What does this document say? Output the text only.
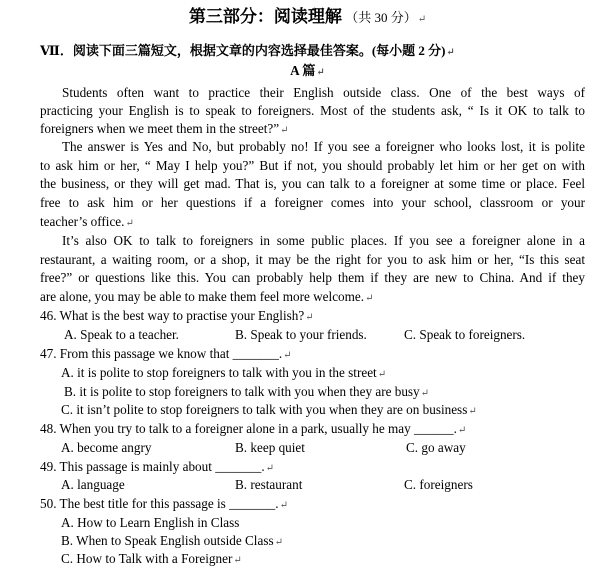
第三部分：阅读理解 （共 30 分）↵
Ⅶ．阅读下面三篇短文，根据文章的内容选择最佳答案。(每小题 2 分)↵
A 篇↵
Students often want to practice their English outside class. One of the best ways of
practicing your English is to speak to foreigners. Most of the students ask, “ Is it OK to talk to
foreigners when we meet them in the street?”↵
The answer is Yes and No, but probably no! If you see a foreigner who looks lost, it is polite
to ask him or her, “ May I help you?” But if not, you should probably let him or her get on with
the business, or they will get mad. That is, you can talk to a foreigner at some time or place. Feel
free to ask him or her questions if a foreigner comes into your school, classroom or your
teacher’s office.↵
It’s also OK to talk to foreigners in some public places. If you see a foreigner alone in a
restaurant, a waiting room, or a shop, it may be the right for you to ask him or her, “Is this seat
free?” or questions like this. You can probably help them if they are new to China. And if they
are alone, you may be able to make them feel more welcome.↵
46. What is the best way to practise your English?↵
A. Speak to a teacher.	B. Speak to your friends.	C. Speak to foreigners.
47. From this passage we know that _______.↵
A. it is polite to stop foreigners to talk with you in the street↵
B. it is polite to stop foreigners to talk with you when they are busy↵
C. it isn’t polite to stop foreigners to talk with you when they are on business↵
48. When you try to talk to a foreigner alone in a park, usually he may ______.↵
A. become angry	B. keep quiet	C. go away
49. This passage is mainly about _______.↵
A. language	B. restaurant	C. foreigners
50. The best title for this passage is _______.↵
A. How to Learn English in Class
B. When to Speak English outside Class↵
C. How to Talk with a Foreigner↵
